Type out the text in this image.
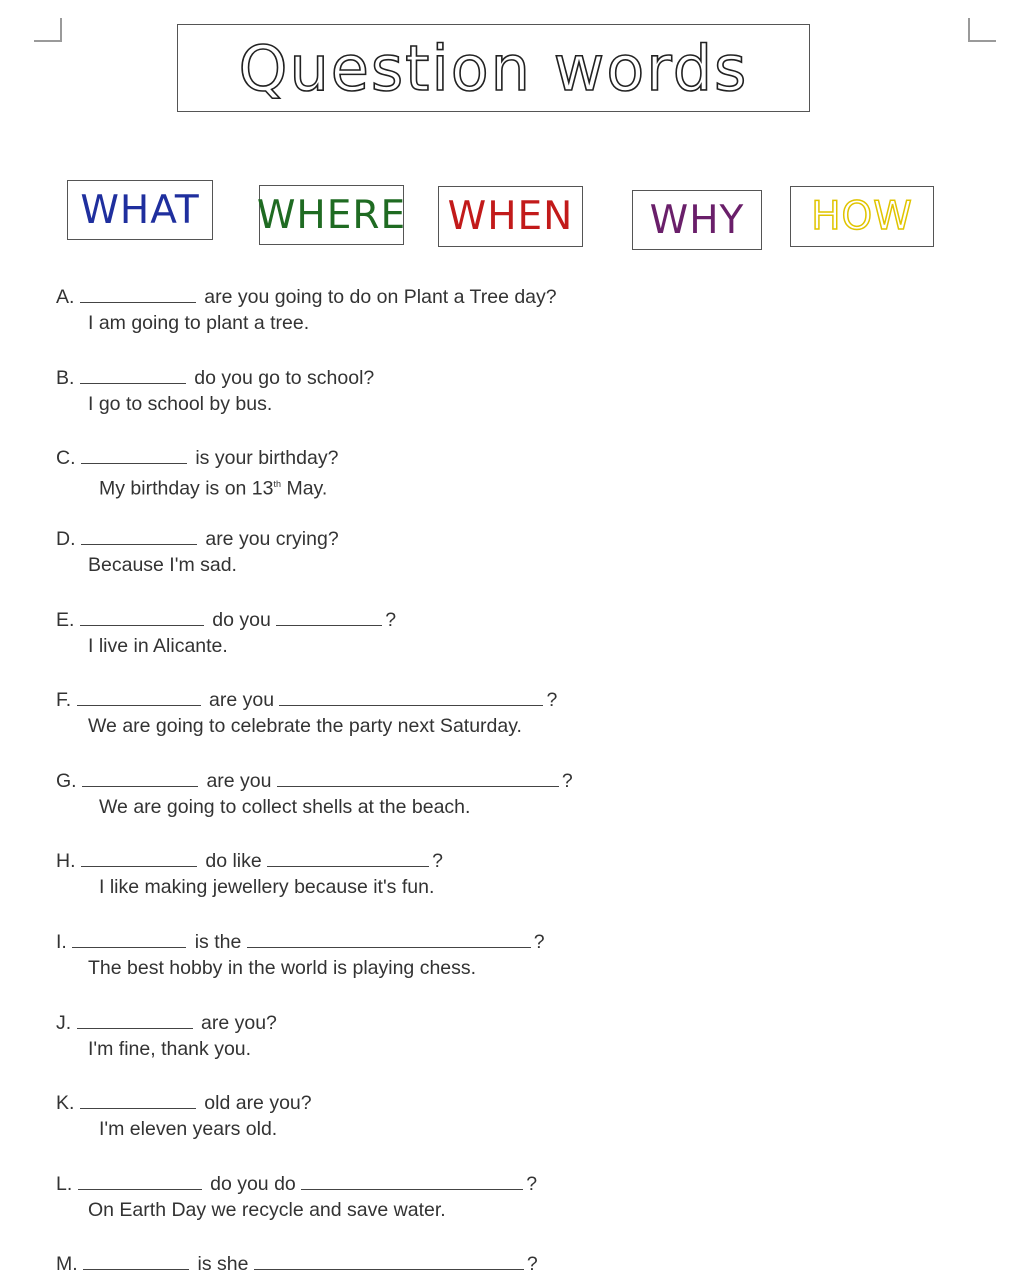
Question words
WHAT WHERE WHEN WHY HOW
A.	are you going to do on Plant a Tree day?
I am going to plant a tree.
B.	do you go to school?
I go to school by bus.
C.	is your birthday?
My birthday is on 13th May.
D.	are you crying?
Because I'm sad.
E.	do you	?
I live in Alicante.
F.	are you	?
We are going to celebrate the party next Saturday.
G.	are you	?
We are going to collect shells at the beach.
H.	do like	?
I like making jewellery because it's fun.
I.	is the	?
The best hobby in the world is playing chess.
J.	are you?
I'm fine, thank you.
K.	old are you?
I'm eleven years old.
L.	do you do	?
On Earth Day we recycle and save water.
M.	is she	?
